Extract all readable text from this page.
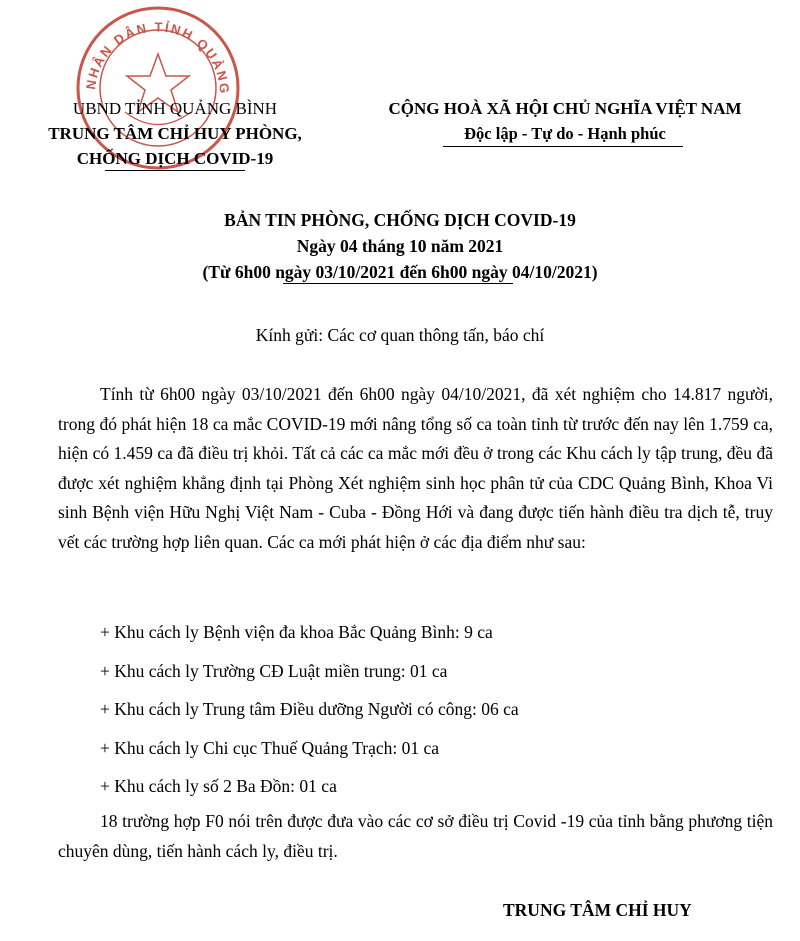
NHÂN DÂN TỈNH QUẢNG
UBND TỈNH QUẢNG BÌNH
TRUNG TÂM CHỈ HUY PHÒNG,
CHỐNG DỊCH COVID-19
CỘNG HOÀ XÃ HỘI CHỦ NGHĨA VIỆT NAM
Độc lập - Tự do - Hạnh phúc
BẢN TIN PHÒNG, CHỐNG DỊCH COVID-19
Ngày 04 tháng 10 năm 2021
(Từ 6h00 ngày 03/10/2021 đến 6h00 ngày 04/10/2021)
Kính gửi: Các cơ quan thông tấn, báo chí

Tính từ 6h00 ngày 03/10/2021 đến 6h00 ngày 04/10/2021, đã xét nghiệm cho 14.817 người, trong đó phát hiện 18 ca mắc COVID-19 mới nâng tổng số ca toàn tỉnh từ trước đến nay lên 1.759 ca, hiện có 1.459 ca đã điều trị khỏi. Tất cả các ca mắc mới đều ở trong các Khu cách ly tập trung, đều đã được xét nghiệm khẳng định tại Phòng Xét nghiệm sinh học phân tử của CDC Quảng Bình, Khoa Vi sinh Bệnh viện Hữu Nghị Việt Nam - Cuba - Đồng Hới và đang được tiến hành điều tra dịch tễ, truy vết các trường hợp liên quan. Các ca mới phát hiện ở các địa điểm như sau:

+ Khu cách ly Bệnh viện đa khoa Bắc Quảng Bình: 9 ca
+ Khu cách ly Trường CĐ Luật miền trung: 01 ca
+ Khu cách ly Trung tâm Điều dưỡng Người có công: 06 ca
+ Khu cách ly Chi cục Thuế Quảng Trạch: 01 ca
+ Khu cách ly số 2 Ba Đồn: 01 ca

18 trường hợp F0 nói trên được đưa vào các cơ sở điều trị Covid -19 của tỉnh bằng phương tiện chuyên dùng, tiến hành cách ly, điều trị.

TRUNG TÂM CHỈ HUY
